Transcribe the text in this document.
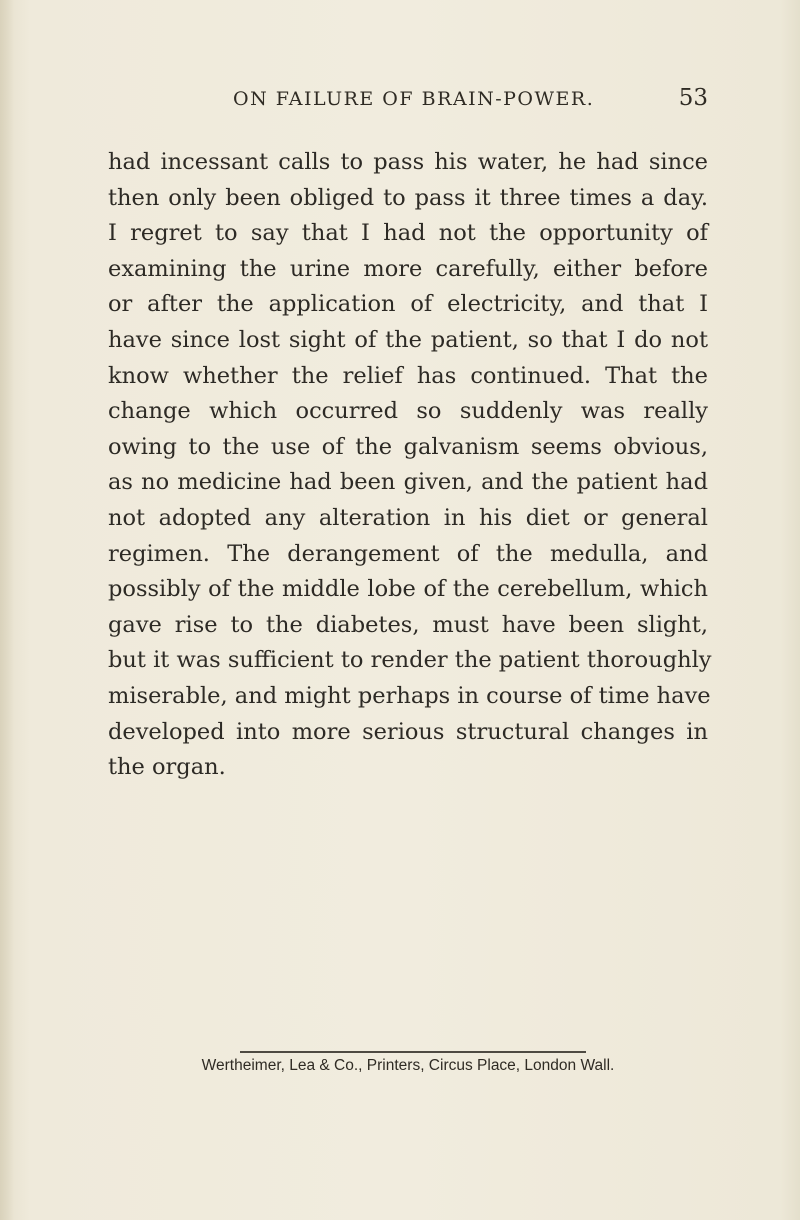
ON FAILURE OF BRAIN-POWER.	53
had incessant calls to pass his water, he had since
then only been obliged to pass it three times a day.
I regret to say that I had not the opportunity of
examining the urine more carefully, either before
or after the application of electricity, and that I
have since lost sight of the patient, so that I do not
know whether the relief has continued. That the
change which occurred so suddenly was really
owing to the use of the galvanism seems obvious,
as no medicine had been given, and the patient had
not adopted any alteration in his diet or general
regimen. The derangement of the medulla, and
possibly of the middle lobe of the cerebellum, which
gave rise to the diabetes, must have been slight,
but it was sufficient to render the patient thoroughly
miserable, and might perhaps in course of time have
developed into more serious structural changes in
the organ.

Wertheimer, Lea & Co., Printers, Circus Place, London Wall.
